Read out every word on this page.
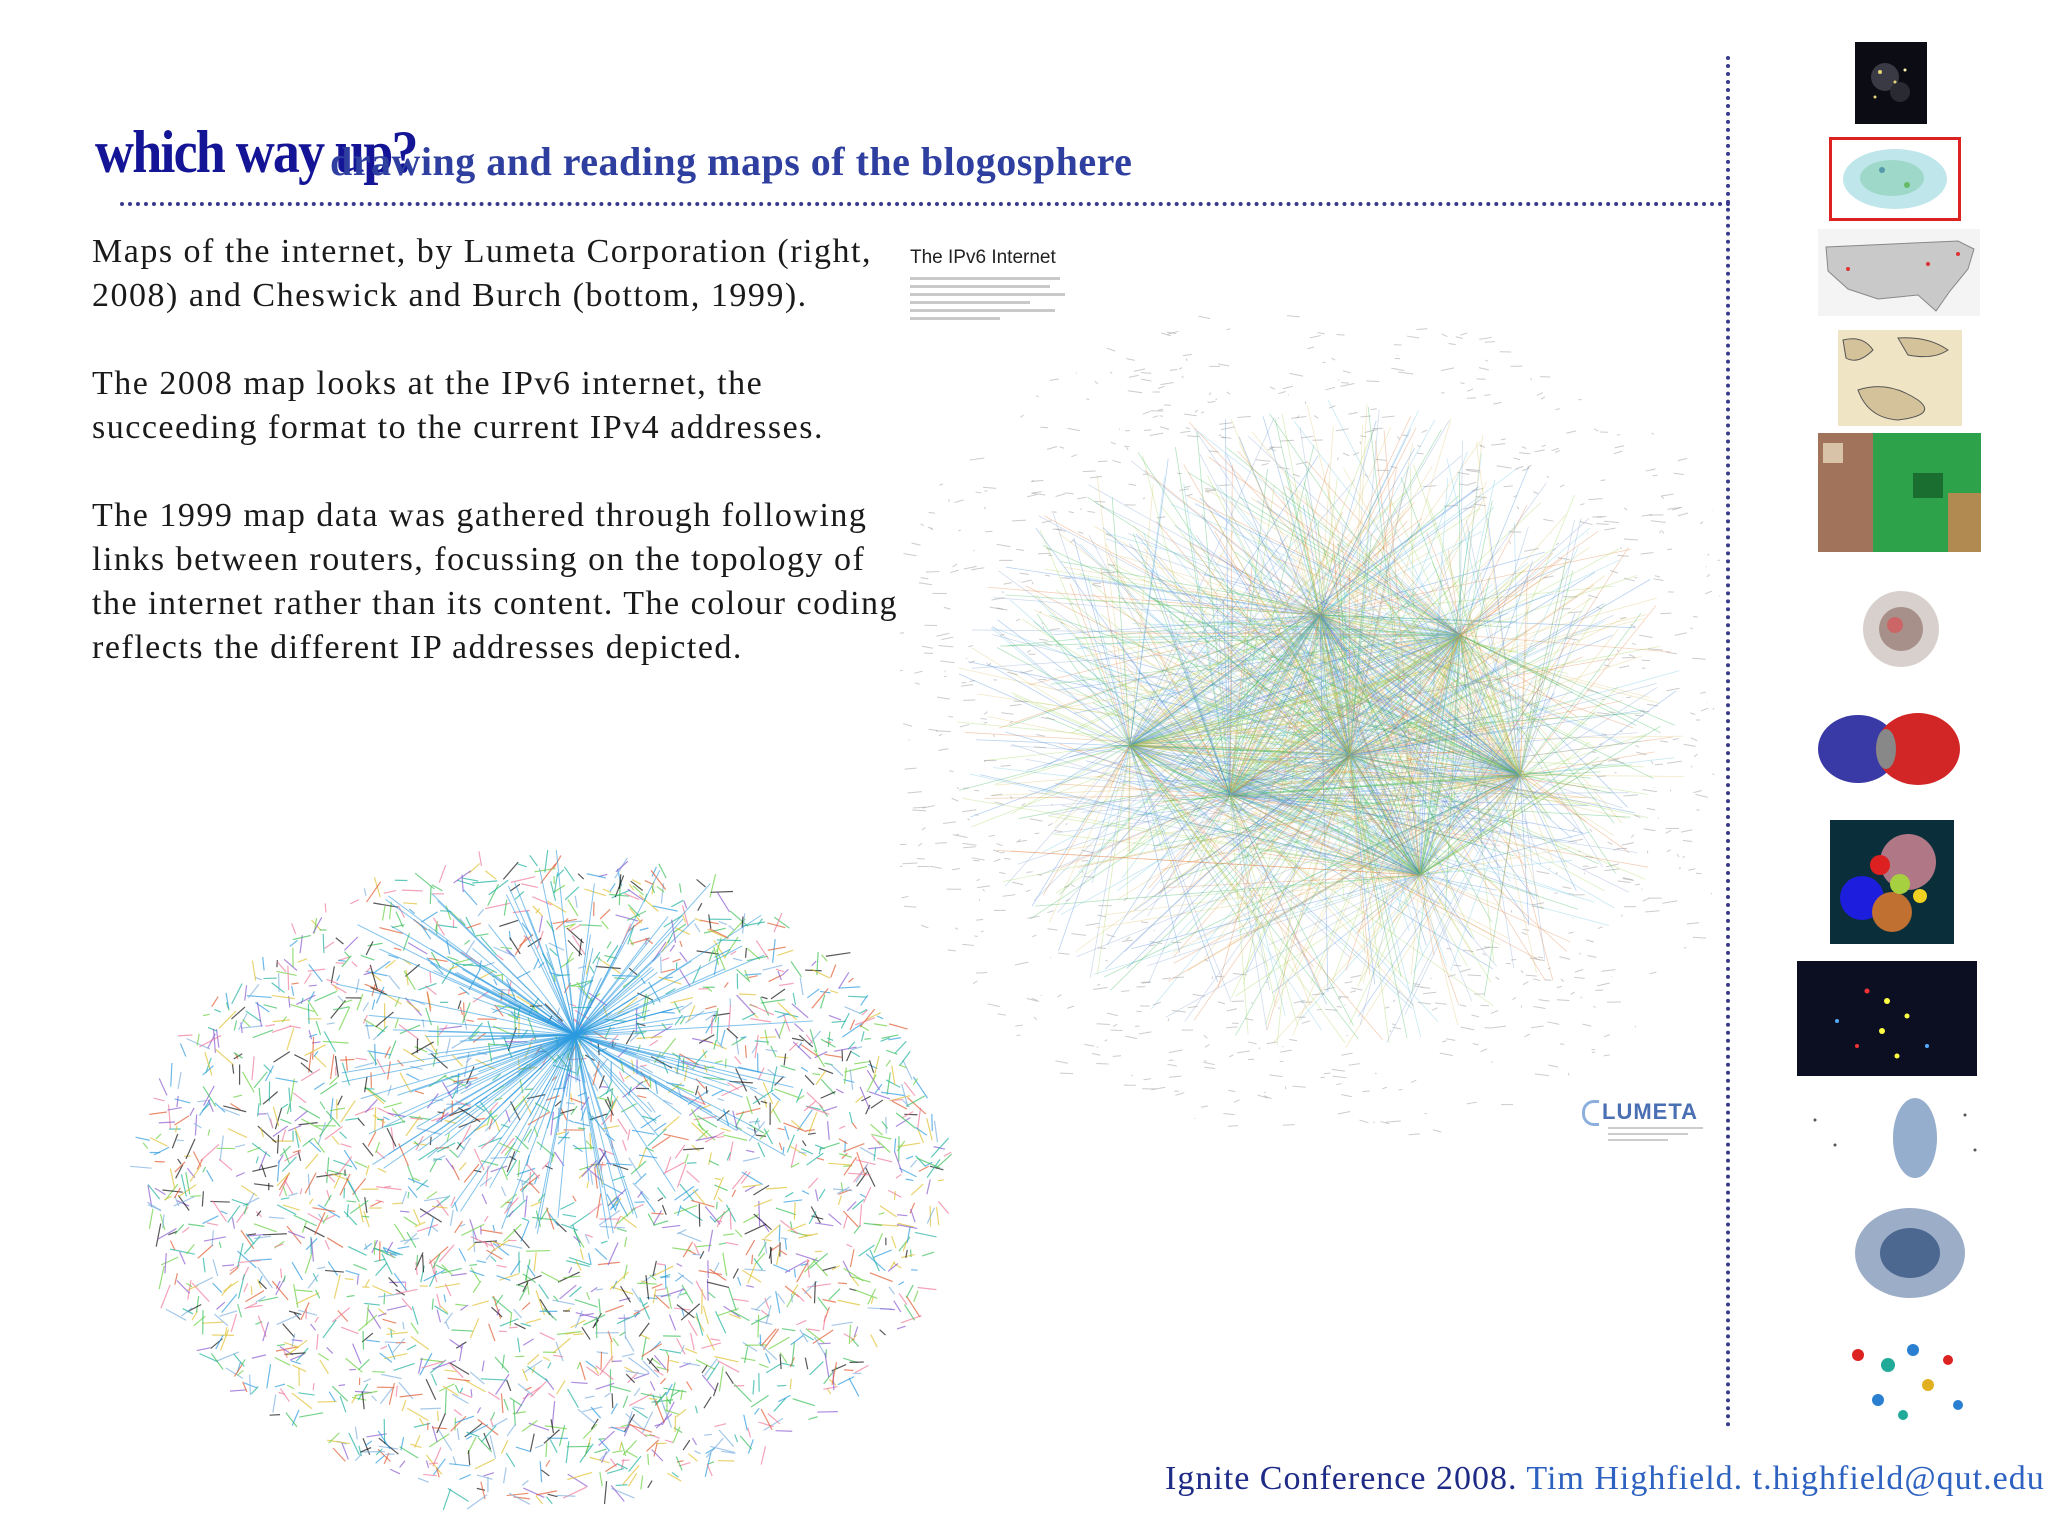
which way up?
drawing and reading maps of the blogosphere

Maps of the internet, by Lumeta Corporation (right, 2008) and Cheswick and Burch (bottom, 1999).

The 2008 map looks at the IPv6 internet, the succeeding format to the current IPv4 addresses.

The 1999 map data was gathered through following links between routers, focussing on the topology of the internet rather than its content. The colour coding reflects the different IP addresses depicted.

The IPv6 Internet
LUMETA
Ignite Conference 2008. Tim Highfield. t.highfield@qut.edu
